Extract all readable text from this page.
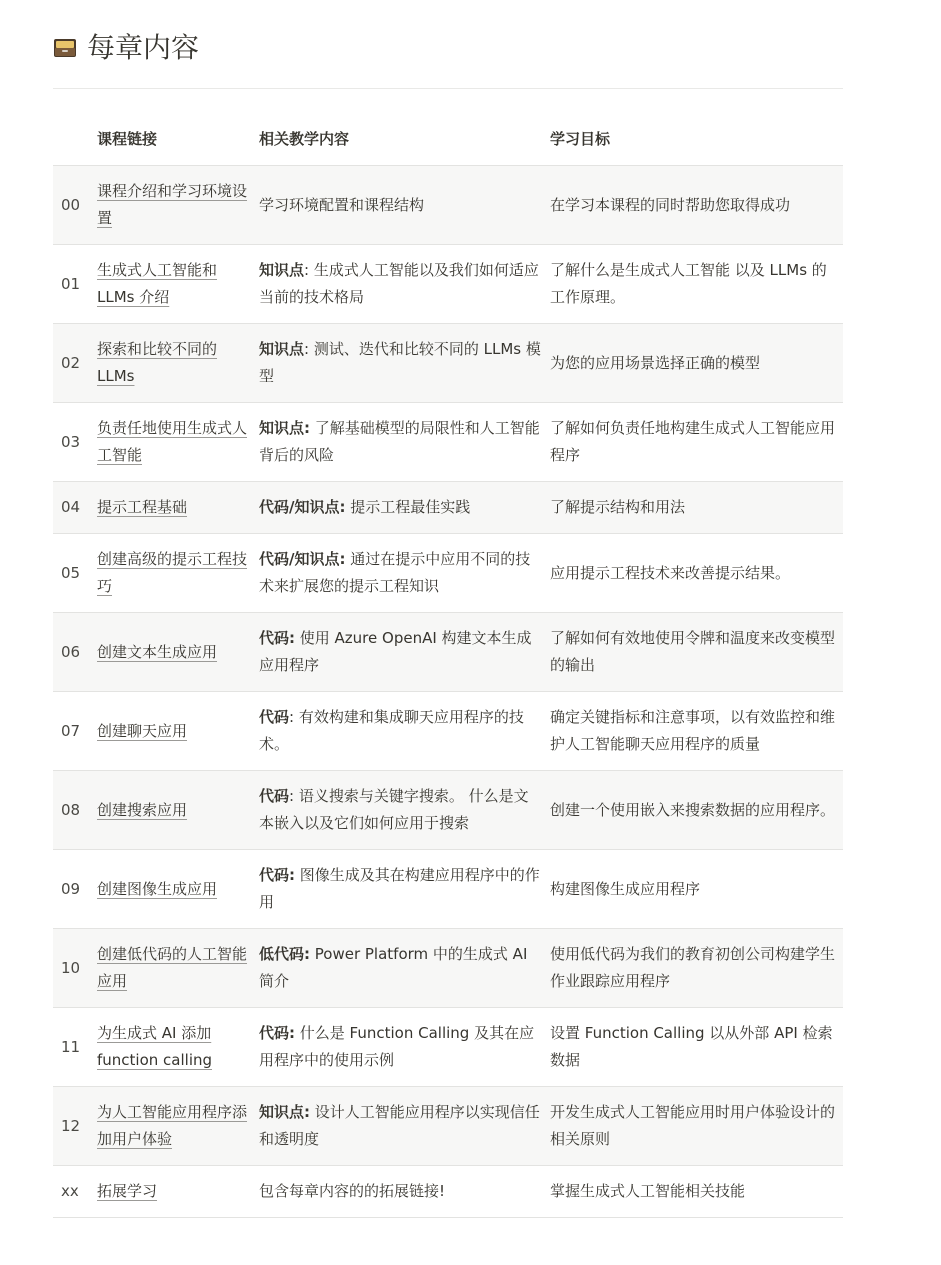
每章内容
	课程链接	相关教学内容	学习目标
00	课程介绍和学习环境设置	学习环境配置和课程结构	在学习本课程的同时帮助您取得成功
01	生成式人工智能和 LLMs 介绍	知识点: 生成式人工智能以及我们如何适应当前的技术格局	了解什么是生成式人工智能 以及 LLMs 的工作原理。
02	探索和比较不同的 LLMs	知识点: 测试、迭代和比较不同的 LLMs 模型	为您的应用场景选择正确的模型
03	负责任地使用生成式人工智能	知识点: 了解基础模型的局限性和人工智能背后的风险	了解如何负责任地构建生成式人工智能应用程序
04	提示工程基础	代码/知识点: 提示工程最佳实践	了解提示结构和用法
05	创建高级的提示工程技巧	代码/知识点: 通过在提示中应用不同的技术来扩展您的提示工程知识	应用提示工程技术来改善提示结果。
06	创建文本生成应用	代码: 使用 Azure OpenAI 构建文本生成应用程序	了解如何有效地使用令牌和温度来改变模型的输出
07	创建聊天应用	代码: 有效构建和集成聊天应用程序的技术。	确定关键指标和注意事项，以有效监控和维护人工智能聊天应用程序的质量
08	创建搜索应用	代码: 语义搜索与关键字搜索。 什么是文本嵌入以及它们如何应用于搜索	创建一个使用嵌入来搜索数据的应用程序。
09	创建图像生成应用	代码: 图像生成及其在构建应用程序中的作用	构建图像生成应用程序
10	创建低代码的人工智能应用	低代码: Power Platform 中的生成式 AI 简介	使用低代码为我们的教育初创公司构建学生作业跟踪应用程序
11	为生成式 AI 添加 function calling	代码: 什么是 Function Calling 及其在应用程序中的使用示例	设置 Function Calling 以从外部 API 检索数据
12	为人工智能应用程序添加用户体验	知识点: 设计人工智能应用程序以实现信任和透明度	开发生成式人工智能应用时用户体验设计的相关原则
xx	拓展学习	包含每章内容的的拓展链接!	掌握生成式人工智能相关技能
